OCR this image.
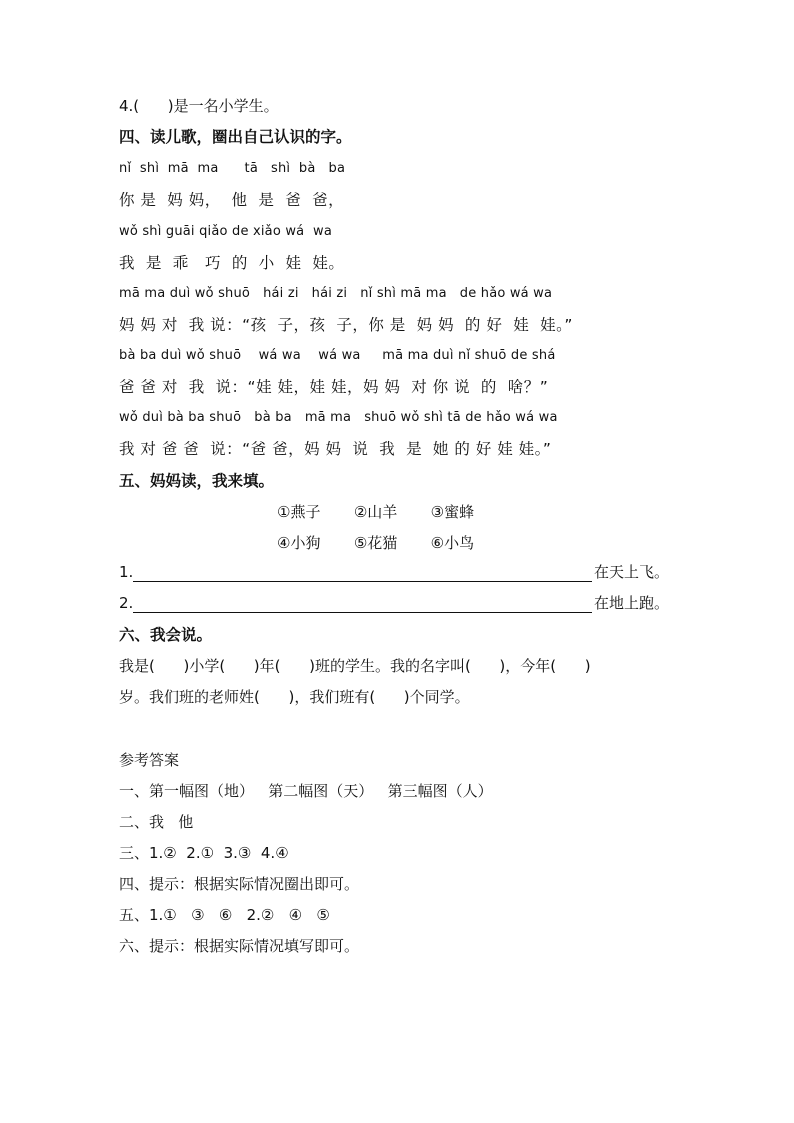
4.(      )是一名小学生。
四、读儿歌，圈出自己认识的字。
nǐ  shì  mā  ma      tā   shì  bà   ba
你 是  妈 妈，  他  是  爸  爸，
wǒ shì guāi qiǎo de xiǎo wá  wa
我  是  乖   巧  的  小  娃  娃。
mā ma duì wǒ shuō   hái zi   hái zi   nǐ shì mā ma   de hǎo wá wa
妈 妈 对  我 说：“孩  子，孩  子，你 是  妈 妈  的 好  娃  娃。”
bà ba duì wǒ shuō    wá wa    wá wa     mā ma duì nǐ shuō de shá
爸 爸 对  我  说：“娃 娃，娃 娃，妈 妈  对 你 说  的  啥？”
wǒ duì bà ba shuō   bà ba   mā ma   shuō wǒ shì tā de hǎo wá wa
我 对 爸 爸  说：“爸 爸，妈 妈  说  我  是  她 的 好 娃 娃。”
五、妈妈读，我来填。
①燕子       ②山羊       ③蜜蜂
④小狗       ⑤花猫       ⑥小鸟
1.	在天上飞。
2.	在地上跑。
六、我会说。
我是(      )小学(      )年(      )班的学生。我的名字叫(      )，今年(      )
岁。我们班的老师姓(      )，我们班有(      )个同学。
参考答案
一、第一幅图（地）   第二幅图（天）   第三幅图（人）
二、我   他
三、1.②  2.①  3.③  4.④
四、提示：根据实际情况圈出即可。
五、1.①   ③   ⑥   2.②   ④   ⑤
六、提示：根据实际情况填写即可。
